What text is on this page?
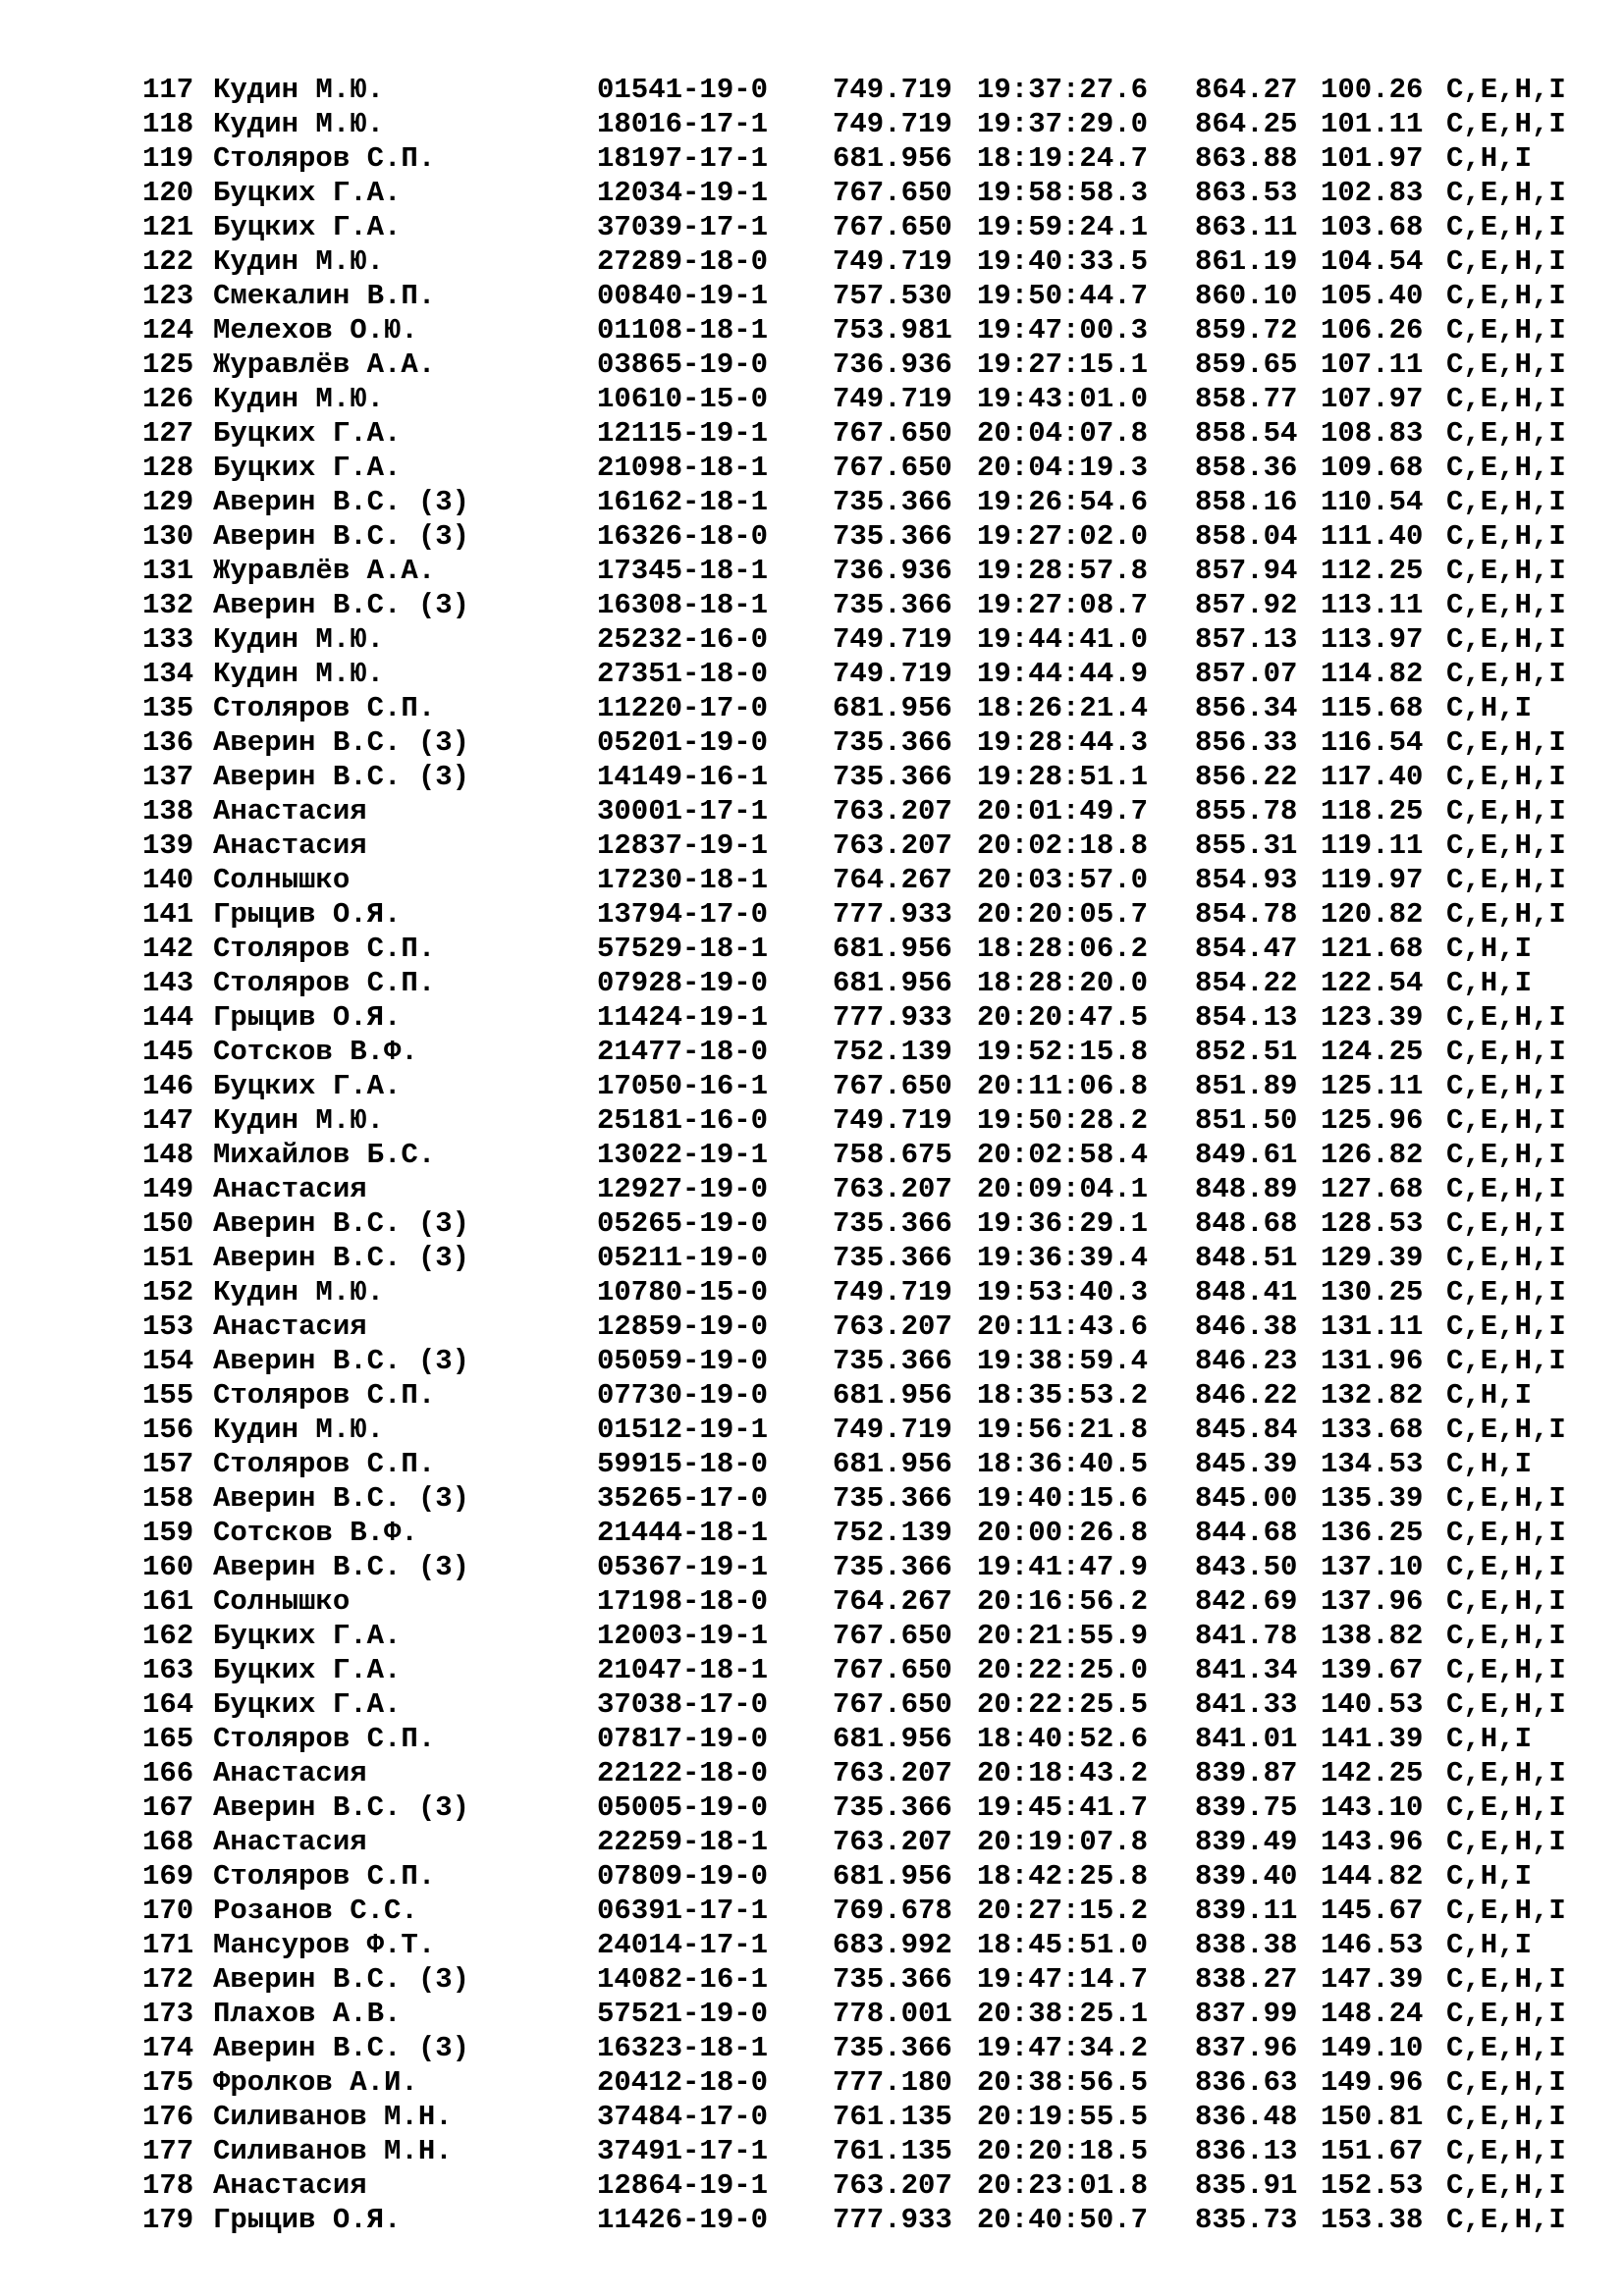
117 Кудин М.Ю.	01541-19-0 749.719 19:37:27.6 864.27 100.26 C,E,H,I
118 Кудин М.Ю.	18016-17-1 749.719 19:37:29.0 864.25 101.11 C,E,H,I
119 Столяров С.П.	18197-17-1 681.956 18:19:24.7 863.88 101.97 C,H,I
120 Буцких Г.А.	12034-19-1 767.650 19:58:58.3 863.53 102.83 C,E,H,I
121 Буцких Г.А.	37039-17-1 767.650 19:59:24.1 863.11 103.68 C,E,H,I
122 Кудин М.Ю.	27289-18-0 749.719 19:40:33.5 861.19 104.54 C,E,H,I
123 Смекалин В.П.	00840-19-1 757.530 19:50:44.7 860.10 105.40 C,E,H,I
124 Мелехов О.Ю.	01108-18-1 753.981 19:47:00.3 859.72 106.26 C,E,H,I
125 Журавлёв А.А.	03865-19-0 736.936 19:27:15.1 859.65 107.11 C,E,H,I
126 Кудин М.Ю.	10610-15-0 749.719 19:43:01.0 858.77 107.97 C,E,H,I
127 Буцких Г.А.	12115-19-1 767.650 20:04:07.8 858.54 108.83 C,E,H,I
128 Буцких Г.А.	21098-18-1 767.650 20:04:19.3 858.36 109.68 C,E,H,I
129 Аверин В.С. (3)	16162-18-1 735.366 19:26:54.6 858.16 110.54 C,E,H,I
130 Аверин В.С. (3)	16326-18-0 735.366 19:27:02.0 858.04 111.40 C,E,H,I
131 Журавлёв А.А.	17345-18-1 736.936 19:28:57.8 857.94 112.25 C,E,H,I
132 Аверин В.С. (3)	16308-18-1 735.366 19:27:08.7 857.92 113.11 C,E,H,I
133 Кудин М.Ю.	25232-16-0 749.719 19:44:41.0 857.13 113.97 C,E,H,I
134 Кудин М.Ю.	27351-18-0 749.719 19:44:44.9 857.07 114.82 C,E,H,I
135 Столяров С.П.	11220-17-0 681.956 18:26:21.4 856.34 115.68 C,H,I
136 Аверин В.С. (3)	05201-19-0 735.366 19:28:44.3 856.33 116.54 C,E,H,I
137 Аверин В.С. (3)	14149-16-1 735.366 19:28:51.1 856.22 117.40 C,E,H,I
138 Анастасия	30001-17-1 763.207 20:01:49.7 855.78 118.25 C,E,H,I
139 Анастасия	12837-19-1 763.207 20:02:18.8 855.31 119.11 C,E,H,I
140 Солнышко	17230-18-1 764.267 20:03:57.0 854.93 119.97 C,E,H,I
141 Грыцив О.Я.	13794-17-0 777.933 20:20:05.7 854.78 120.82 C,E,H,I
142 Столяров С.П.	57529-18-1 681.956 18:28:06.2 854.47 121.68 C,H,I
143 Столяров С.П.	07928-19-0 681.956 18:28:20.0 854.22 122.54 C,H,I
144 Грыцив О.Я.	11424-19-1 777.933 20:20:47.5 854.13 123.39 C,E,H,I
145 Сотсков В.Ф.	21477-18-0 752.139 19:52:15.8 852.51 124.25 C,E,H,I
146 Буцких Г.А.	17050-16-1 767.650 20:11:06.8 851.89 125.11 C,E,H,I
147 Кудин М.Ю.	25181-16-0 749.719 19:50:28.2 851.50 125.96 C,E,H,I
148 Михайлов Б.С.	13022-19-1 758.675 20:02:58.4 849.61 126.82 C,E,H,I
149 Анастасия	12927-19-0 763.207 20:09:04.1 848.89 127.68 C,E,H,I
150 Аверин В.С. (3)	05265-19-0 735.366 19:36:29.1 848.68 128.53 C,E,H,I
151 Аверин В.С. (3)	05211-19-0 735.366 19:36:39.4 848.51 129.39 C,E,H,I
152 Кудин М.Ю.	10780-15-0 749.719 19:53:40.3 848.41 130.25 C,E,H,I
153 Анастасия	12859-19-0 763.207 20:11:43.6 846.38 131.11 C,E,H,I
154 Аверин В.С. (3)	05059-19-0 735.366 19:38:59.4 846.23 131.96 C,E,H,I
155 Столяров С.П.	07730-19-0 681.956 18:35:53.2 846.22 132.82 C,H,I
156 Кудин М.Ю.	01512-19-1 749.719 19:56:21.8 845.84 133.68 C,E,H,I
157 Столяров С.П.	59915-18-0 681.956 18:36:40.5 845.39 134.53 C,H,I
158 Аверин В.С. (3)	35265-17-0 735.366 19:40:15.6 845.00 135.39 C,E,H,I
159 Сотсков В.Ф.	21444-18-1 752.139 20:00:26.8 844.68 136.25 C,E,H,I
160 Аверин В.С. (3)	05367-19-1 735.366 19:41:47.9 843.50 137.10 C,E,H,I
161 Солнышко	17198-18-0 764.267 20:16:56.2 842.69 137.96 C,E,H,I
162 Буцких Г.А.	12003-19-1 767.650 20:21:55.9 841.78 138.82 C,E,H,I
163 Буцких Г.А.	21047-18-1 767.650 20:22:25.0 841.34 139.67 C,E,H,I
164 Буцких Г.А.	37038-17-0 767.650 20:22:25.5 841.33 140.53 C,E,H,I
165 Столяров С.П.	07817-19-0 681.956 18:40:52.6 841.01 141.39 C,H,I
166 Анастасия	22122-18-0 763.207 20:18:43.2 839.87 142.25 C,E,H,I
167 Аверин В.С. (3)	05005-19-0 735.366 19:45:41.7 839.75 143.10 C,E,H,I
168 Анастасия	22259-18-1 763.207 20:19:07.8 839.49 143.96 C,E,H,I
169 Столяров С.П.	07809-19-0 681.956 18:42:25.8 839.40 144.82 C,H,I
170 Розанов С.С.	06391-17-1 769.678 20:27:15.2 839.11 145.67 C,E,H,I
171 Мансуров Ф.Т.	24014-17-1 683.992 18:45:51.0 838.38 146.53 C,H,I
172 Аверин В.С. (3)	14082-16-1 735.366 19:47:14.7 838.27 147.39 C,E,H,I
173 Плахов А.В.	57521-19-0 778.001 20:38:25.1 837.99 148.24 C,E,H,I
174 Аверин В.С. (3)	16323-18-1 735.366 19:47:34.2 837.96 149.10 C,E,H,I
175 Фролков А.И.	20412-18-0 777.180 20:38:56.5 836.63 149.96 C,E,H,I
176 Силиванов М.Н.	37484-17-0 761.135 20:19:55.5 836.48 150.81 C,E,H,I
177 Силиванов М.Н.	37491-17-1 761.135 20:20:18.5 836.13 151.67 C,E,H,I
178 Анастасия	12864-19-1 763.207 20:23:01.8 835.91 152.53 C,E,H,I
179 Грыцив О.Я.	11426-19-0 777.933 20:40:50.7 835.73 153.38 C,E,H,I
